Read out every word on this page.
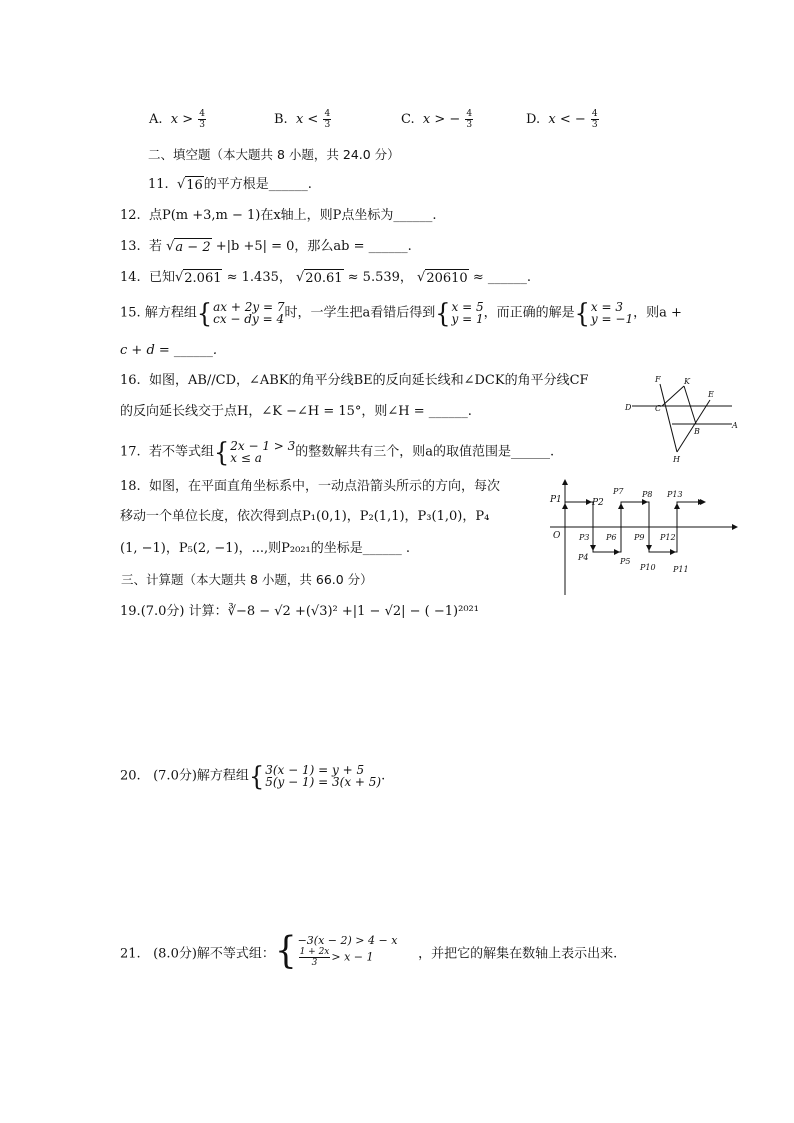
A. $x > \frac{4}{3}$	B. $x < \frac{4}{3}$	C. x > − $\frac{4}{3}$	D. x < − $\frac{4}{3}$
二、填空题（本大题共 8 小题，共 24.0 分）
11. √ 16 的平方根是______.
12. 点P(m +3,m − 1)在x轴上，则P点坐标为______.
13. 若 √ a − 2 +|b +5| = 0，那么ab = ______.
14. 已知 √ 2.061 ≈ 1.435， √ 20.61 ≈ 5.539， √ 20610 ≈ ______.
15. 解方程组 { ax + 2y = 7
cx − dy = 4 时，一学生把a看错后得到 { x = 5
y = 1 ，而正确的解是 { x = 3
y = −1 ，则a +
c + d = ______.
16. 如图，AB//CD，∠ABK的角平分线BE的反向延长线和∠DCK的角平分线CF
的反向延长线交于点H，∠K −∠H = 15°，则∠H = ______.
F	K
E
D	C
A
B
H
17. 若不等式组 { 2x − 1 > 3
x ≤ a	的整数解共有三个，则a的取值范围是______.
18. 如图，在平面直角坐标系中，一动点沿箭头所示的方向，每次
移动一个单位长度，依次得到点P₁(0,1)，P₂(1,1)，P₃(1,0)，P₄
(1, −1)，P₅(2, −1)，...,则P₂₀₂₁的坐标是______ .
P1	P2
P7 P8 P13
O P3 P6 P9 P12
P4	P5
P10 P11
三、计算题（本大题共 8 小题，共 66.0 分）
19.(7.0分) 计算：∛−8 − √2 +(√3)² +|1 − √2| − ( −1)²⁰²¹
20. (7.0分)解方程组 { 3(x − 1) = y + 5
5(y − 1) = 3(x + 5) .
21. (8.0分)解不等式组： { −3(x − 2) > 4 − x
$\frac{1 + 2x}{3} > x - 1$	，并把它的解集在数轴上表示出来.
